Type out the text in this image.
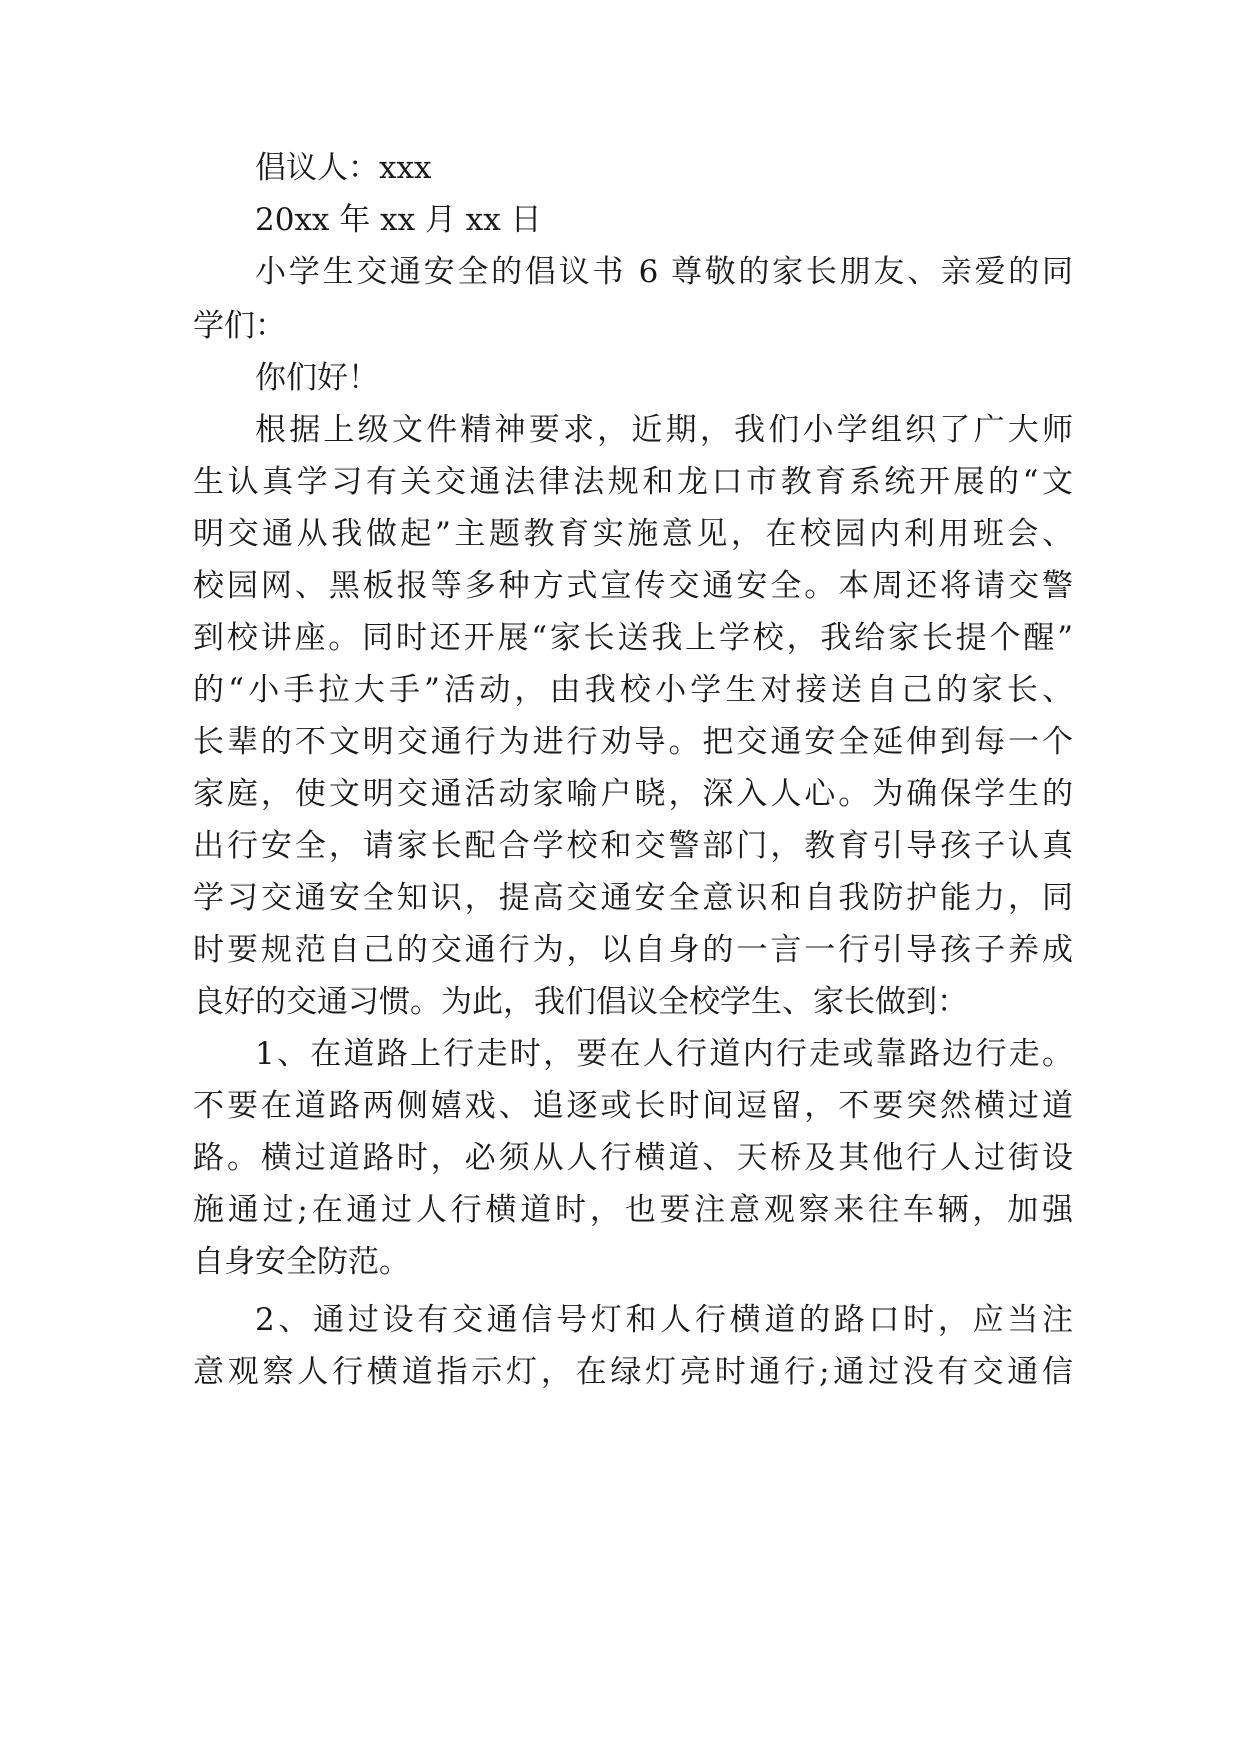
倡议人：xxx

20xx 年 xx 月 xx 日

小学生交通安全的倡议书 6 尊敬的家长朋友、亲爱的同

学们：

你们好！

根据上级文件精神要求，近期，我们小学组织了广大师

生认真学习有关交通法律法规和龙口市教育系统开展的“文

明交通从我做起”主题教育实施意见，在校园内利用班会、

校园网、黑板报等多种方式宣传交通安全。本周还将请交警

到校讲座。同时还开展“家长送我上学校，我给家长提个醒”

的“小手拉大手”活动，由我校小学生对接送自己的家长、

长辈的不文明交通行为进行劝导。把交通安全延伸到每一个

家庭，使文明交通活动家喻户晓，深入人心。为确保学生的

出行安全，请家长配合学校和交警部门，教育引导孩子认真

学习交通安全知识，提高交通安全意识和自我防护能力，同

时要规范自己的交通行为，以自身的一言一行引导孩子养成

良好的交通习惯。为此，我们倡议全校学生、家长做到：

1、在道路上行走时，要在人行道内行走或靠路边行走。

不要在道路两侧嬉戏、追逐或长时间逗留，不要突然横过道

路。横过道路时，必须从人行横道、天桥及其他行人过街设

施通过;在通过人行横道时，也要注意观察来往车辆，加强

自身安全防范。

2、通过设有交通信号灯和人行横道的路口时，应当注

意观察人行横道指示灯，在绿灯亮时通行;通过没有交通信
